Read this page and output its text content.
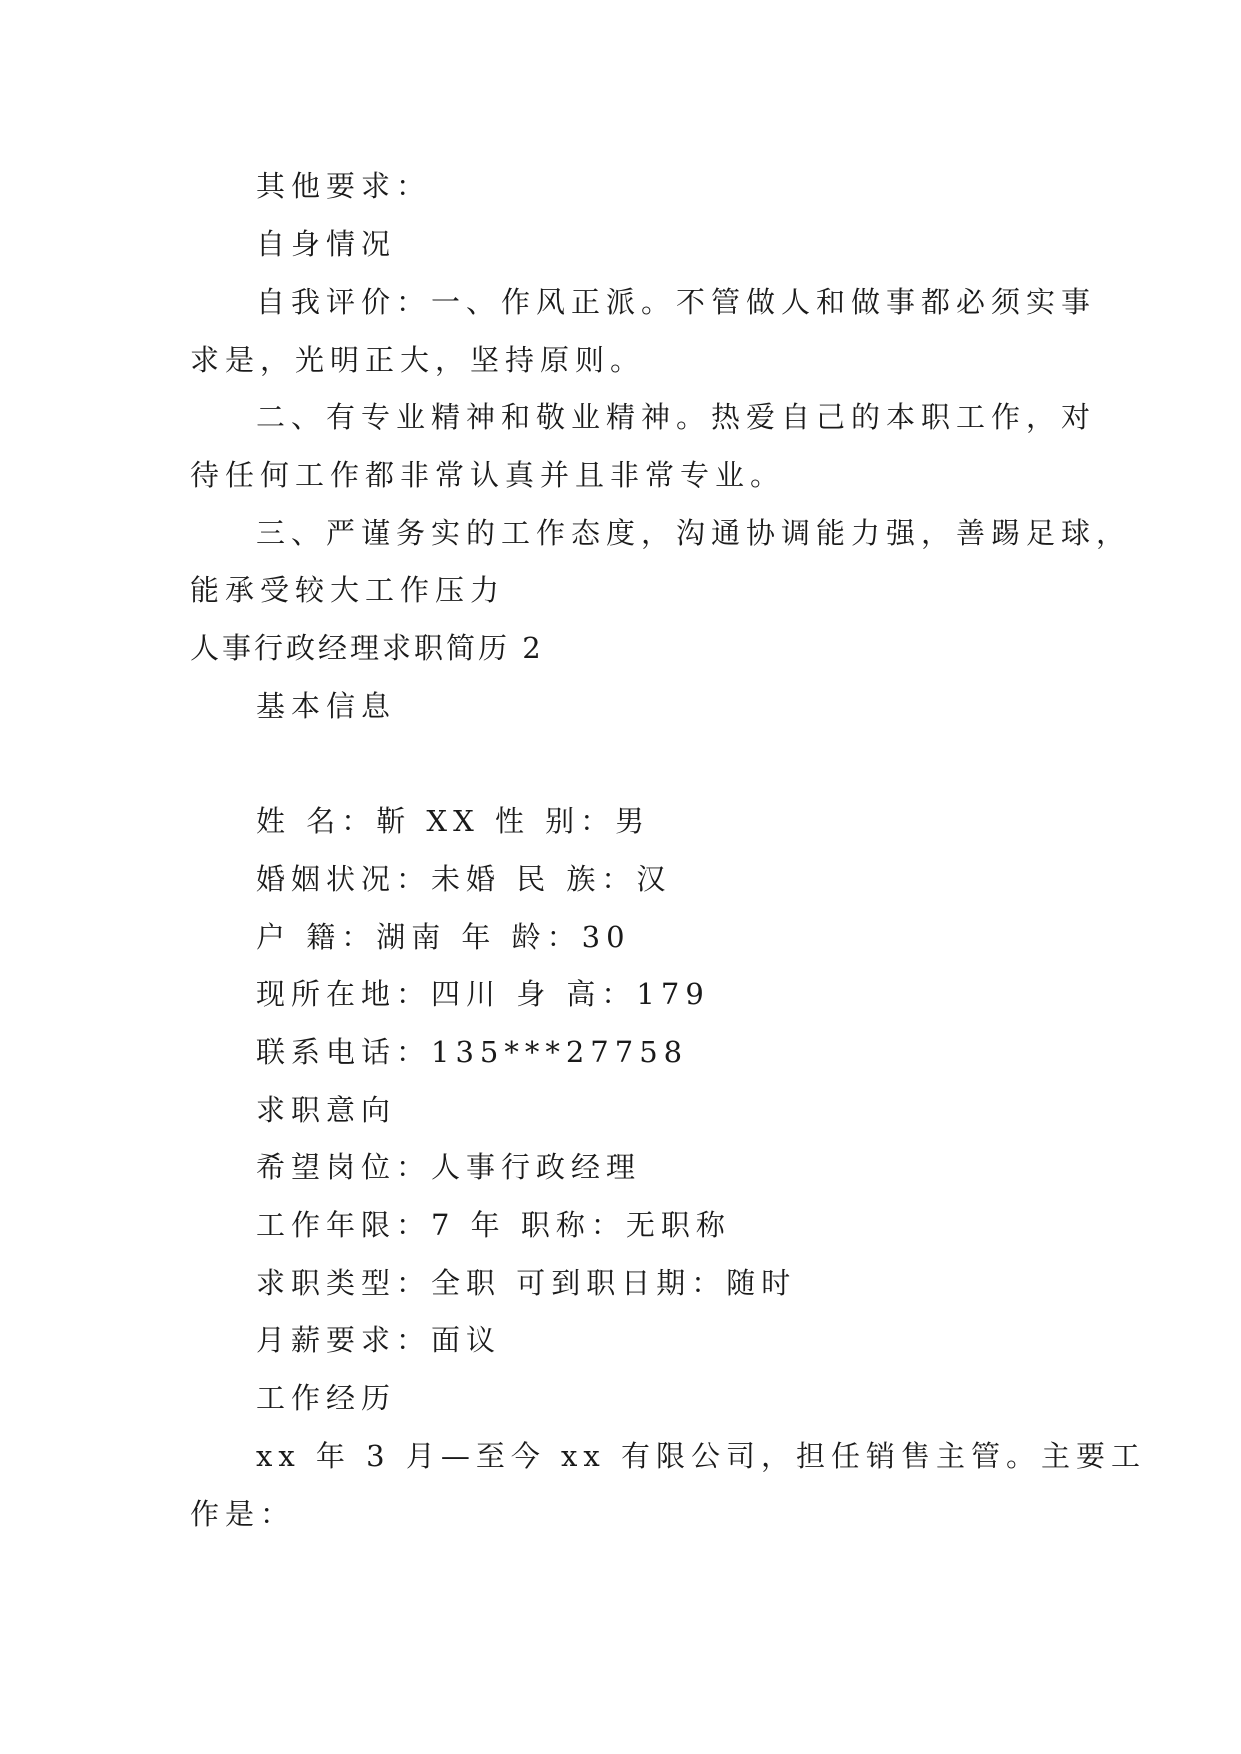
其他要求：
自身情况
自我评价：一、作风正派。不管做人和做事都必须实事
求是，光明正大，坚持原则。
二、有专业精神和敬业精神。热爱自己的本职工作，对
待任何工作都非常认真并且非常专业。
三、严谨务实的工作态度，沟通协调能力强，善踢足球，
能承受较大工作压力
人事行政经理求职简历 2
基本信息
姓 名：靳 XX 性 别：男
婚姻状况：未婚 民 族：汉
户 籍：湖南 年 龄：30
现所在地：四川 身 高：179
联系电话：135***27758
求职意向
希望岗位：人事行政经理
工作年限：7 年 职称：无职称
求职类型：全职 可到职日期：随时
月薪要求：面议
工作经历
xx 年 3 月—至今 xx 有限公司，担任销售主管。主要工
作是：
